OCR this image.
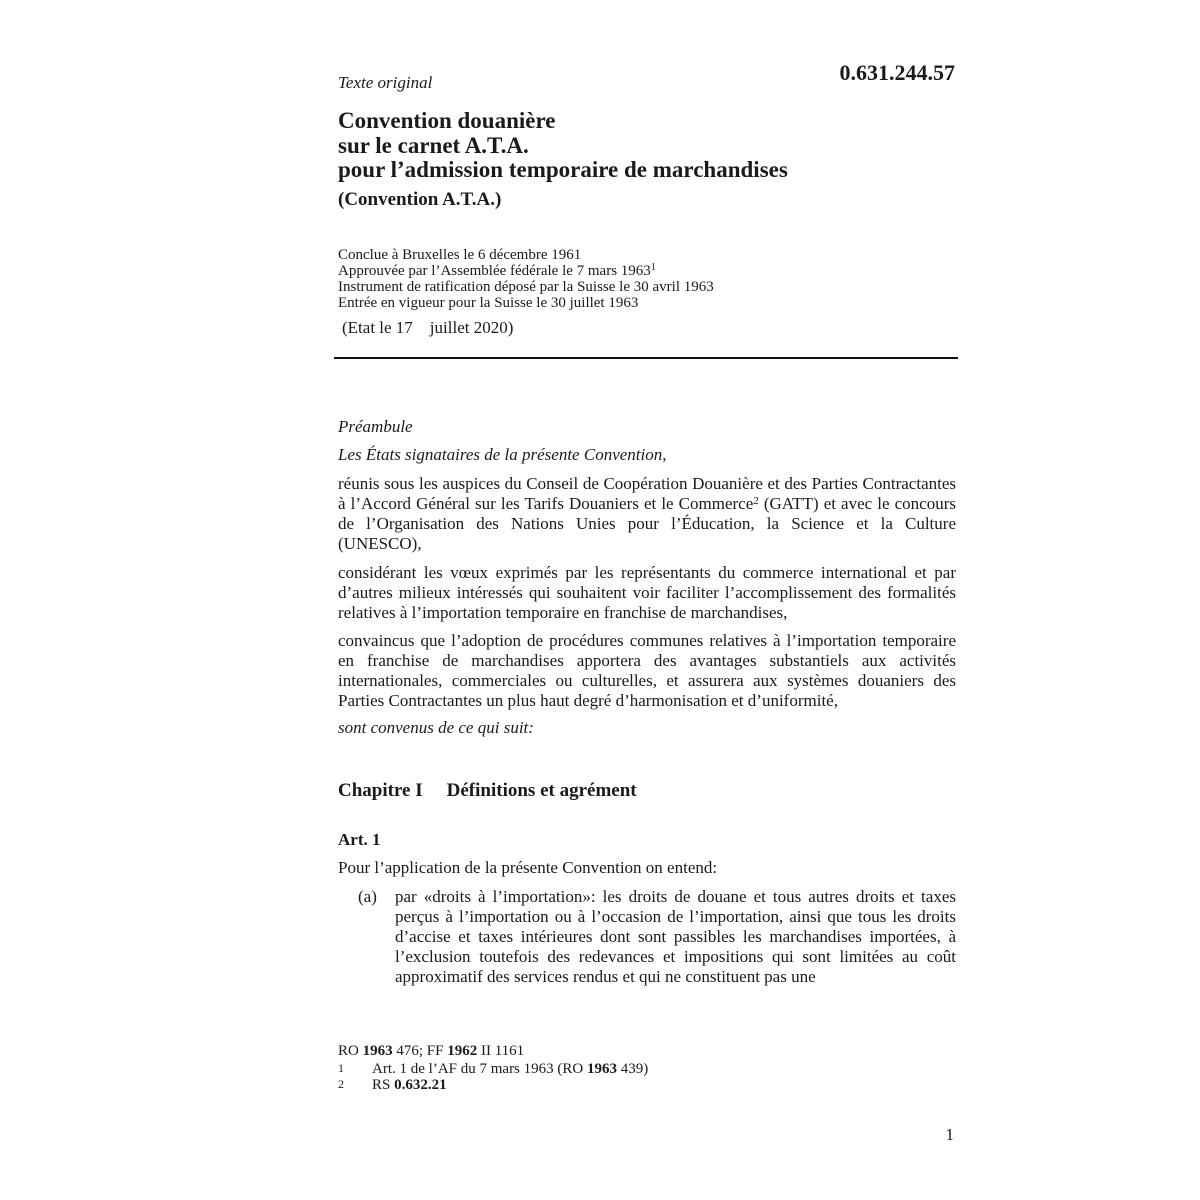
Texte original	0.631.244.57

Convention douanière
sur le carnet A.T.A.
pour l’admission temporaire de marchandises

(Convention A.T.A.)

Conclue à Bruxelles le 6 décembre 1961
Approuvée par l’Assemblée fédérale le 7 mars 1963$^1$
Instrument de ratification déposé par la Suisse le 30 avril 1963
Entrée en vigueur pour la Suisse le 30 juillet 1963

(Etat le 17    juillet 2020)

Préambule

Les États signataires de la présente Convention,

réunis sous les auspices du Conseil de Coopération Douanière et des Parties Contractantes à l’Accord Général sur les Tarifs Douaniers et le Commerce$^2$ (GATT) et avec le concours de l’Organisation des Nations Unies pour l’Éducation, la Science et la Culture (UNESCO),

considérant les vœux exprimés par les représentants du commerce international et par d’autres milieux intéressés qui souhaitent voir faciliter l’accomplissement des formalités relatives à l’importation temporaire en franchise de marchandises,

convaincus que l’adoption de procédures communes relatives à l’importation temporaire en franchise de marchandises apportera des avantages substantiels aux activités internationales, commerciales ou culturelles, et assurera aux systèmes douaniers des Parties Contractantes un plus haut degré d’harmonisation et d’uniformité,

sont convenus de ce qui suit:

Chapitre I Définitions et agrément

Art. 1

Pour l’application de la présente Convention on entend:

(a) par «droits à l’importation»: les droits de douane et tous autres droits et taxes perçus à l’importation ou à l’occasion de l’importation, ainsi que tous les droits d’accise et taxes intérieures dont sont passibles les marchandises importées, à l’exclusion toutefois des redevances et impositions qui sont limitées au coût approximatif des services rendus et qui ne constituent pas une

RO 1963 476; FF 1962 II 1161
1	Art. 1 de l’AF du 7 mars 1963 (RO 1963 439)
2	RS 0.632.21

1
